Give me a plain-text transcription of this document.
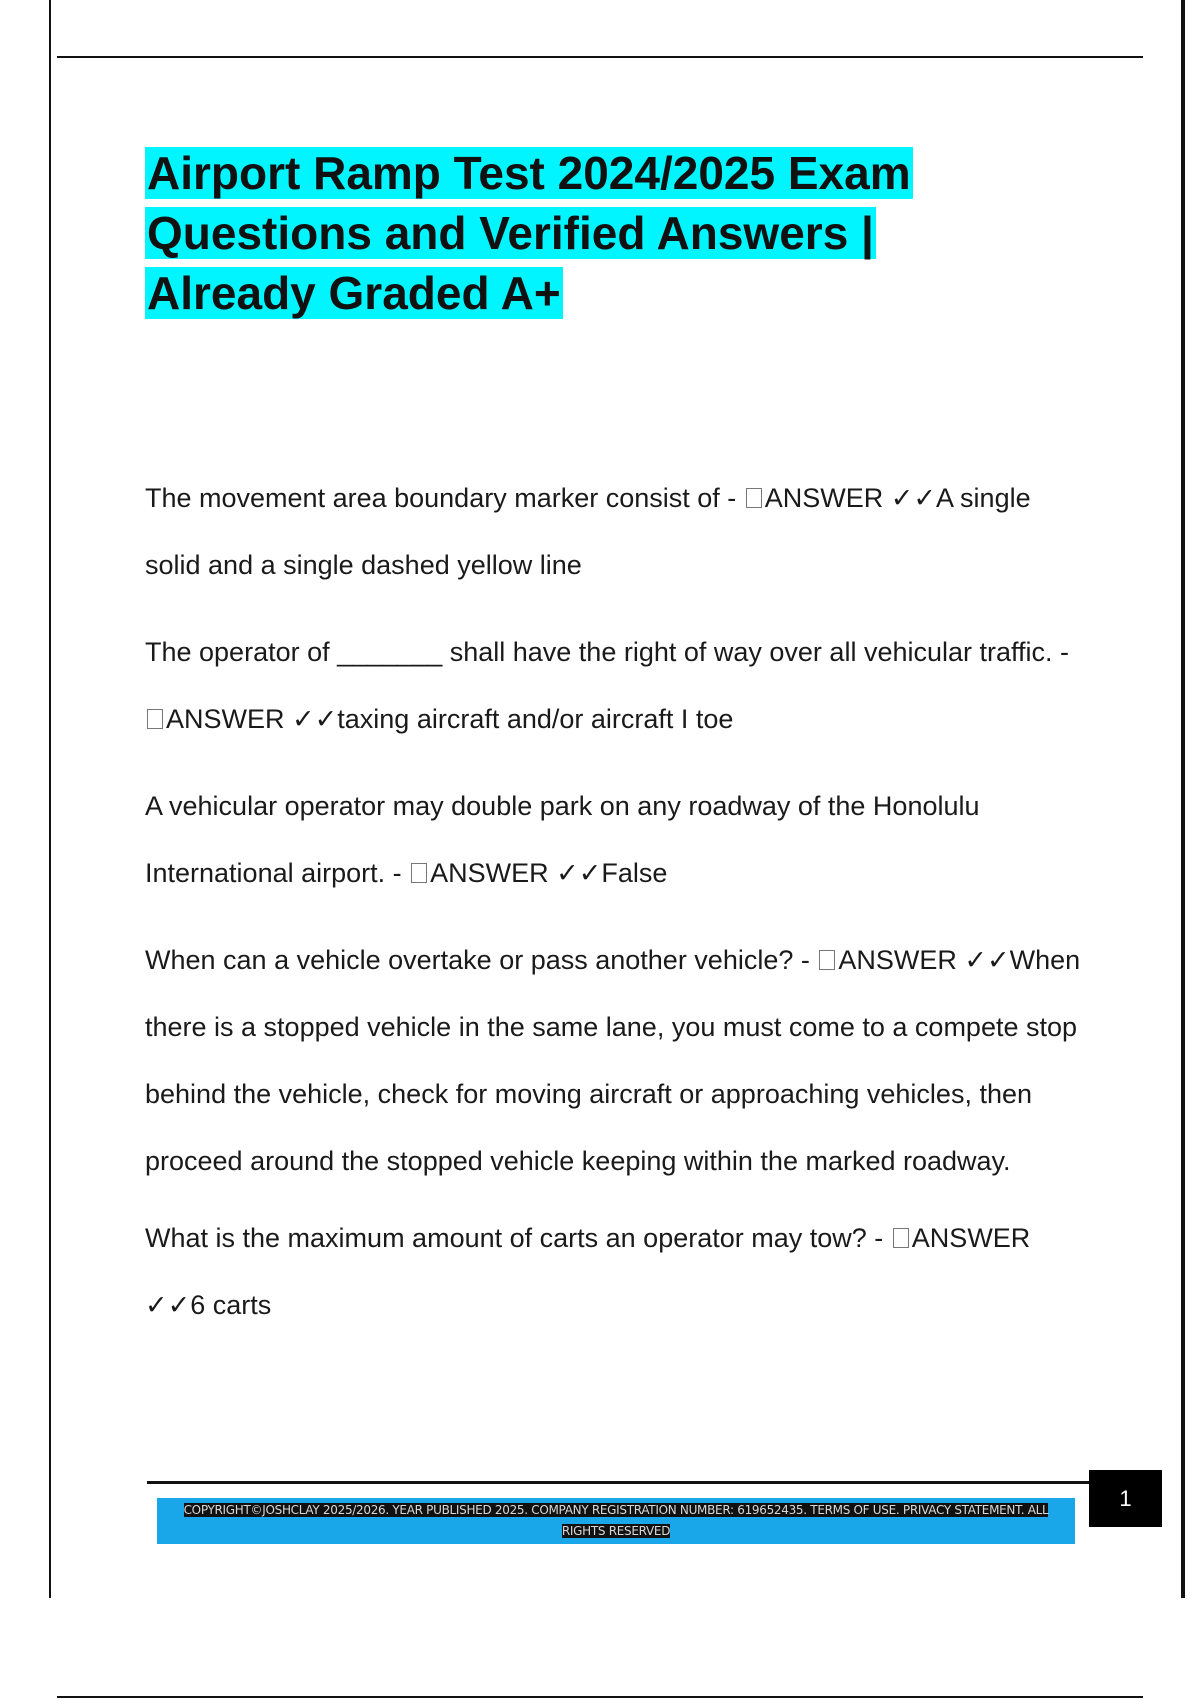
Airport Ramp Test 2024/2025 Exam
Questions and Verified Answers |
Already Graded A+

The movement area boundary marker consist of - ANSWER ✓✓A single solid and a single dashed yellow line

The operator of _______ shall have the right of way over all vehicular traffic. - ANSWER ✓✓taxing aircraft and/or aircraft I toe

A vehicular operator may double park on any roadway of the Honolulu International airport. - ANSWER ✓✓False

When can a vehicle overtake or pass another vehicle? - ANSWER ✓✓When there is a stopped vehicle in the same lane, you must come to a compete stop behind the vehicle, check for moving aircraft or approaching vehicles, then proceed around the stopped vehicle keeping within the marked roadway.

What is the maximum amount of carts an operator may tow? - ANSWER ✓✓6 carts

COPYRIGHT©JOSHCLAY 2025/2026. YEAR PUBLISHED 2025. COMPANY REGISTRATION NUMBER: 619652435. TERMS OF USE. PRIVACY STATEMENT. ALL RIGHTS RESERVED
1
